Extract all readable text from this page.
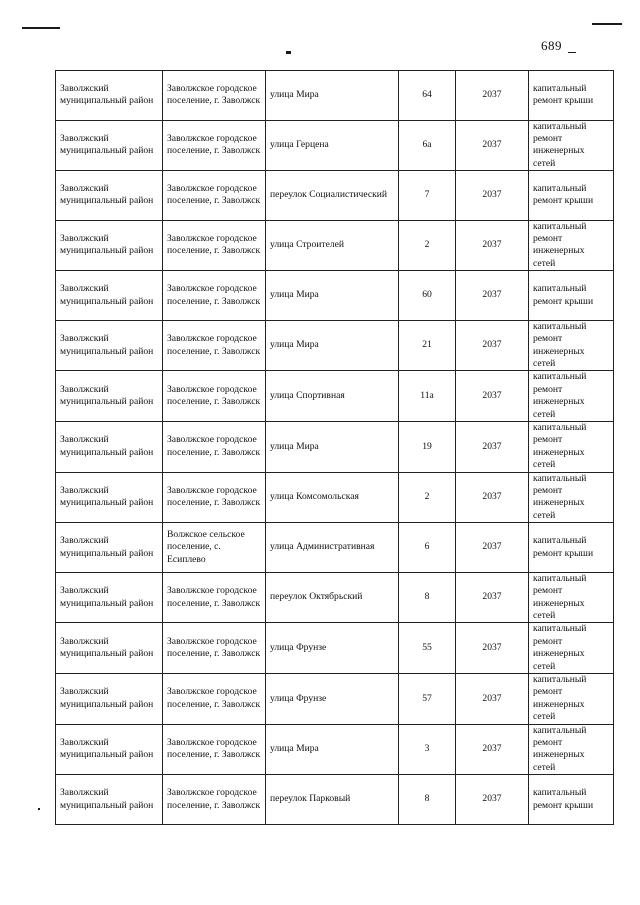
689
Заволжский муниципальный район	Заволжское городское поселение, г. Заволжск	улица Мира	64	2037	капитальный ремонт крыши
Заволжский муниципальный район	Заволжское городское поселение, г. Заволжск	улица Герцена	6а	2037	капитальный ремонт инженерных сетей
Заволжский муниципальный район	Заволжское городское поселение, г. Заволжск	переулок Социалистический	7	2037	капитальный ремонт крыши
Заволжский муниципальный район	Заволжское городское поселение, г. Заволжск	улица Строителей	2	2037	капитальный ремонт инженерных сетей
Заволжский муниципальный район	Заволжское городское поселение, г. Заволжск	улица Мира	60	2037	капитальный ремонт крыши
Заволжский муниципальный район	Заволжское городское поселение, г. Заволжск	улица Мира	21	2037	капитальный ремонт инженерных сетей
Заволжский муниципальный район	Заволжское городское поселение, г. Заволжск	улица Спортивная	11а	2037	капитальный ремонт инженерных сетей
Заволжский муниципальный район	Заволжское городское поселение, г. Заволжск	улица Мира	19	2037	капитальный ремонт инженерных сетей
Заволжский муниципальный район	Заволжское городское поселение, г. Заволжск	улица Комсомольская	2	2037	капитальный ремонт инженерных сетей
Заволжский муниципальный район	Волжское сельское поселение, с. Есиплево	улица Административная	6	2037	капитальный ремонт крыши
Заволжский муниципальный район	Заволжское городское поселение, г. Заволжск	переулок Октябрьский	8	2037	капитальный ремонт инженерных сетей
Заволжский муниципальный район	Заволжское городское поселение, г. Заволжск	улица Фрунзе	55	2037	капитальный ремонт инженерных сетей
Заволжский муниципальный район	Заволжское городское поселение, г. Заволжск	улица Фрунзе	57	2037	капитальный ремонт инженерных сетей
Заволжский муниципальный район	Заволжское городское поселение, г. Заволжск	улица Мира	3	2037	капитальный ремонт инженерных сетей
Заволжский муниципальный район	Заволжское городское поселение, г. Заволжск	переулок Парковый	8	2037	капитальный ремонт крыши
